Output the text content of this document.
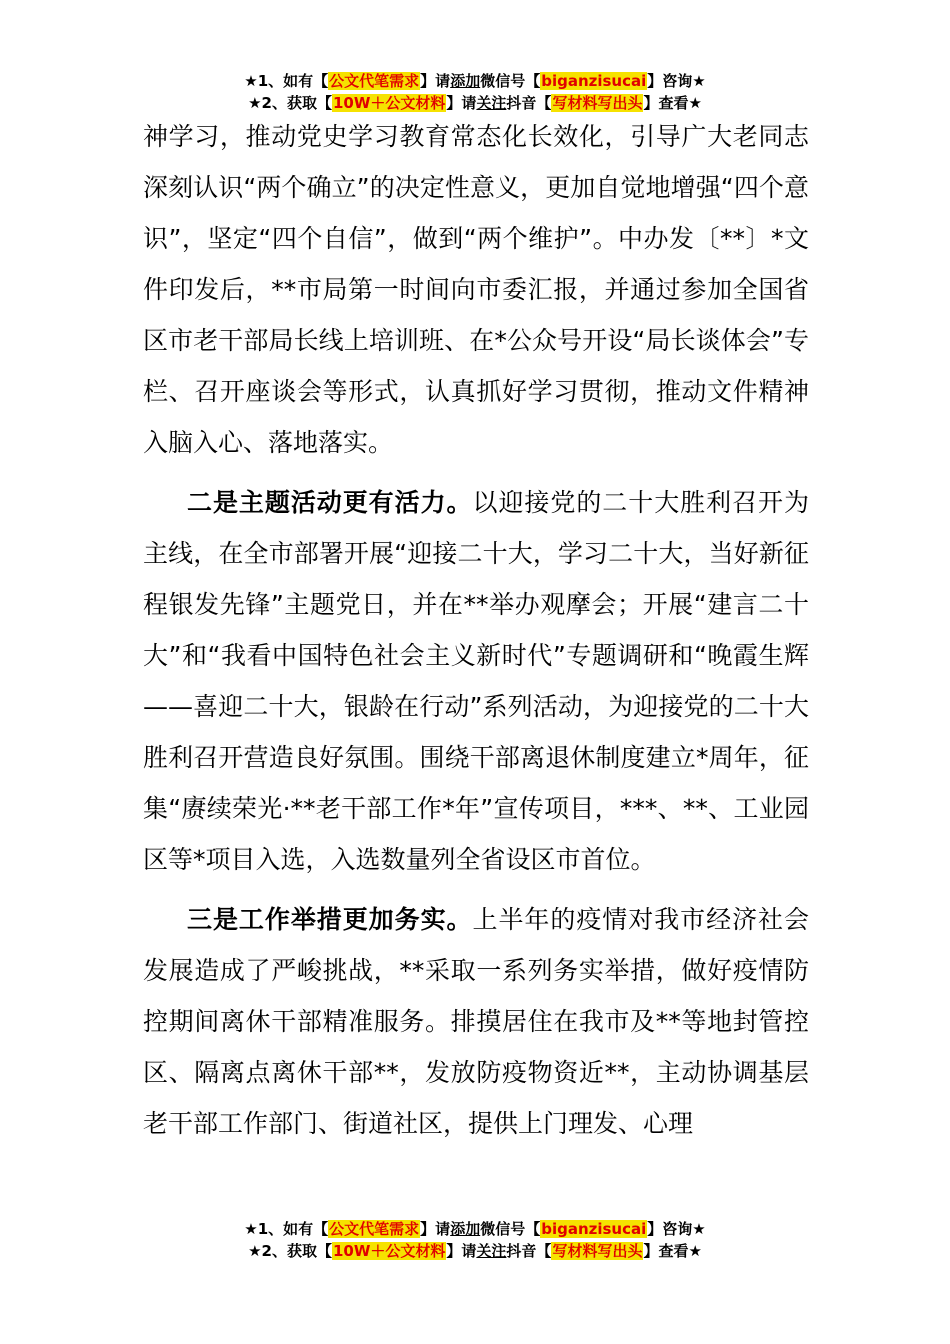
★1、如有【公文代笔需求】请添加微信号【biganzisucai】咨询★
★2、获取【10W＋公文材料】请关注抖音【写材料写出头】查看★

神学习，推动党史学习教育常态化长效化，引导广大老同志深刻认识“两个确立”的决定性意义，更加自觉地增强“四个意识”，坚定“四个自信”，做到“两个维护”。中办发〔**〕*文件印发后，**市局第一时间向市委汇报，并通过参加全国省区市老干部局长线上培训班、在*公众号开设“局长谈体会”专栏、召开座谈会等形式，认真抓好学习贯彻，推动文件精神入脑入心、落地落实。

二是主题活动更有活力。以迎接党的二十大胜利召开为主线，在全市部署开展“迎接二十大，学习二十大，当好新征程银发先锋”主题党日，并在**举办观摩会；开展“建言二十大”和“我看中国特色社会主义新时代”专题调研和“晚霞生辉——喜迎二十大，银龄在行动”系列活动，为迎接党的二十大胜利召开营造良好氛围。围绕干部离退休制度建立*周年，征集“赓续荣光·**老干部工作*年”宣传项目，***、**、工业园区等*项目入选，入选数量列全省设区市首位。

三是工作举措更加务实。上半年的疫情对我市经济社会发展造成了严峻挑战，**采取一系列务实举措，做好疫情防控期间离休干部精准服务。排摸居住在我市及**等地封管控区、隔离点离休干部**，发放防疫物资近**，主动协调基层老干部工作部门、街道社区，提供上门理发、心理

★1、如有【公文代笔需求】请添加微信号【biganzisucai】咨询★
★2、获取【10W＋公文材料】请关注抖音【写材料写出头】查看★
